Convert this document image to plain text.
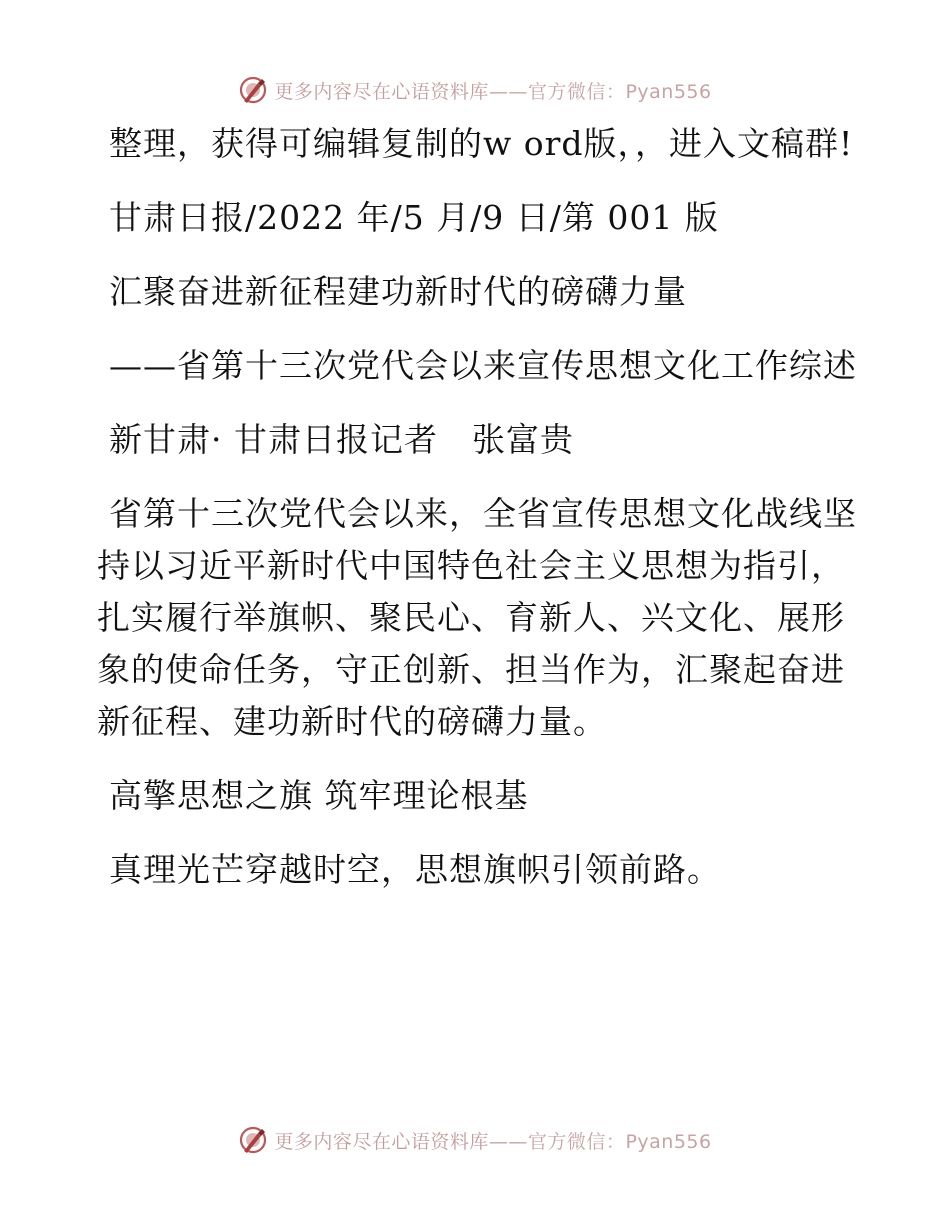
更多内容尽在心语资料库——官方微信：Pyan556

整理，获得可编辑复制的w ord版，，进入文稿群!

甘肃日报/2022 年/5 月/9 日/第 001 版

汇聚奋进新征程建功新时代的磅礴力量

——省第十三次党代会以来宣传思想文化工作综述

新甘肃· 甘肃日报记者　张富贵

省第十三次党代会以来，全省宣传思想文化战线坚持以习近平新时代中国特色社会主义思想为指引，扎实履行举旗帜、聚民心、育新人、兴文化、展形象的使命任务，守正创新、担当作为，汇聚起奋进新征程、建功新时代的磅礴力量。

高擎思想之旗 筑牢理论根基

真理光芒穿越时空，思想旗帜引领前路。

更多内容尽在心语资料库——官方微信：Pyan556
